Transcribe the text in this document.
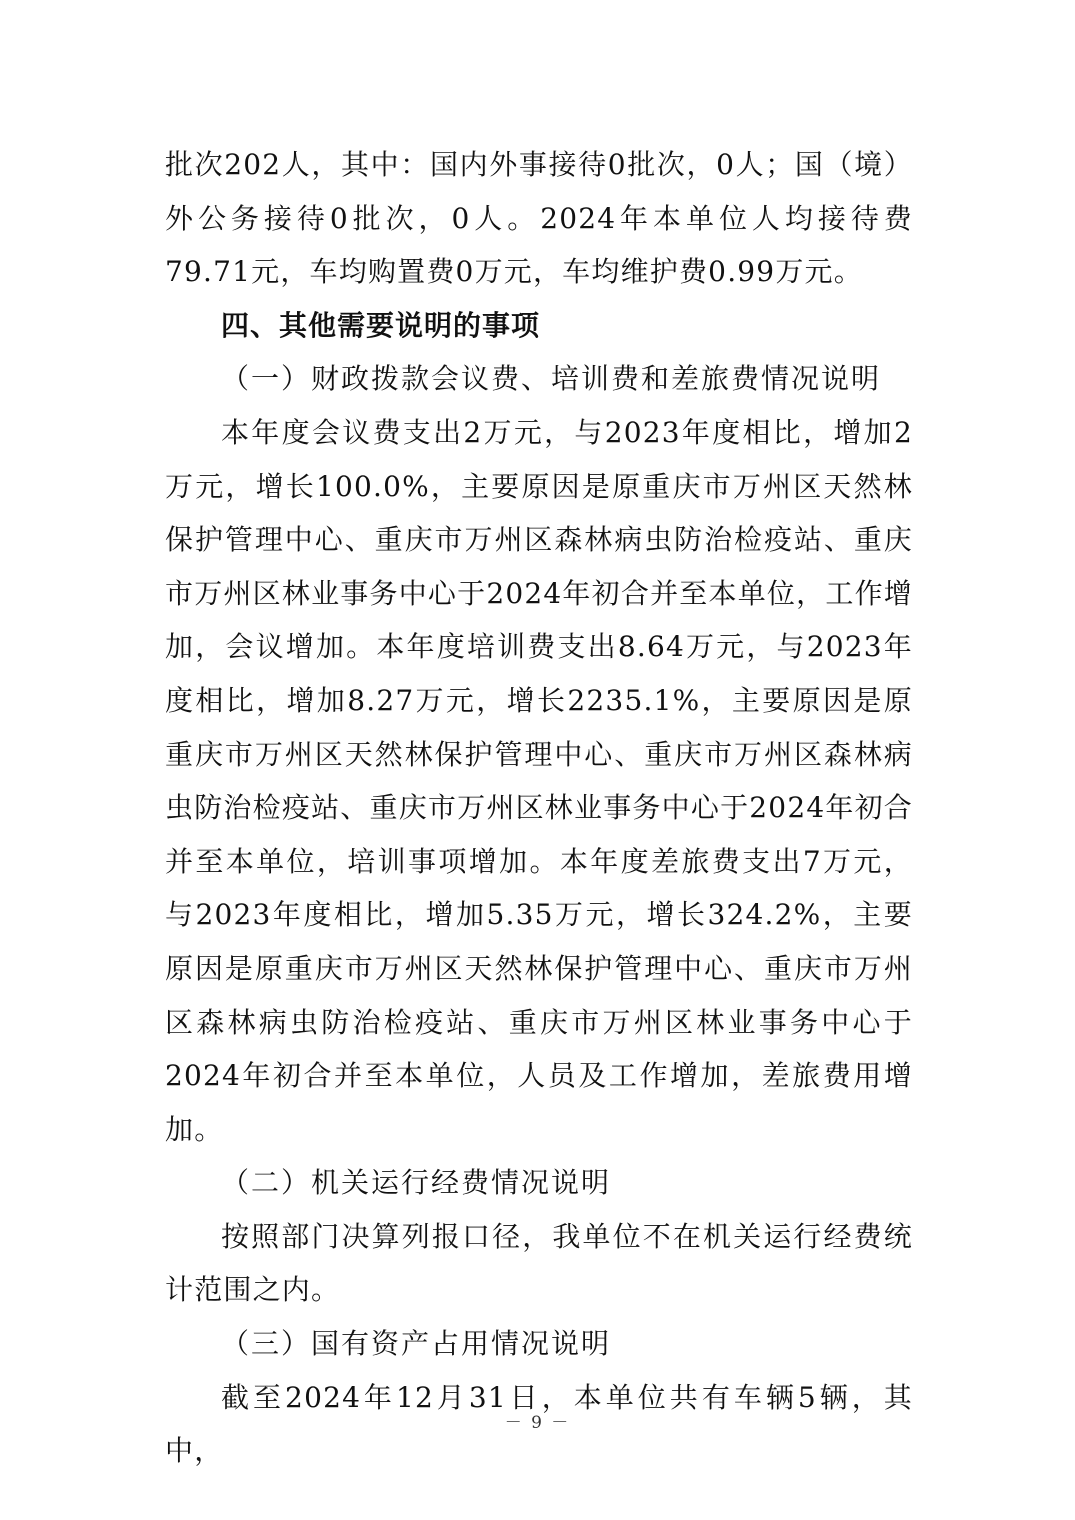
批次202人，其中：国内外事接待0批次，0人；国（境）外公务接待0批次，0人。2024年本单位人均接待费79.71元，车均购置费0万元，车均维护费0.99万元。

四、其他需要说明的事项

（一）财政拨款会议费、培训费和差旅费情况说明

本年度会议费支出2万元，与2023年度相比，增加2万元，增长100.0%，主要原因是原重庆市万州区天然林保护管理中心、重庆市万州区森林病虫防治检疫站、重庆市万州区林业事务中心于2024年初合并至本单位，工作增加，会议增加。本年度培训费支出8.64万元，与2023年度相比，增加8.27万元，增长2235.1%，主要原因是原重庆市万州区天然林保护管理中心、重庆市万州区森林病虫防治检疫站、重庆市万州区林业事务中心于2024年初合并至本单位，培训事项增加。本年度差旅费支出7万元，与2023年度相比，增加5.35万元，增长324.2%，主要原因是原重庆市万州区天然林保护管理中心、重庆市万州区森林病虫防治检疫站、重庆市万州区林业事务中心于2024年初合并至本单位，人员及工作增加，差旅费用增加。

（二）机关运行经费情况说明

按照部门决算列报口径，我单位不在机关运行经费统计范围之内。

（三）国有资产占用情况说明

截至2024年12月31日，本单位共有车辆5辆，其中，

－ 9 －
